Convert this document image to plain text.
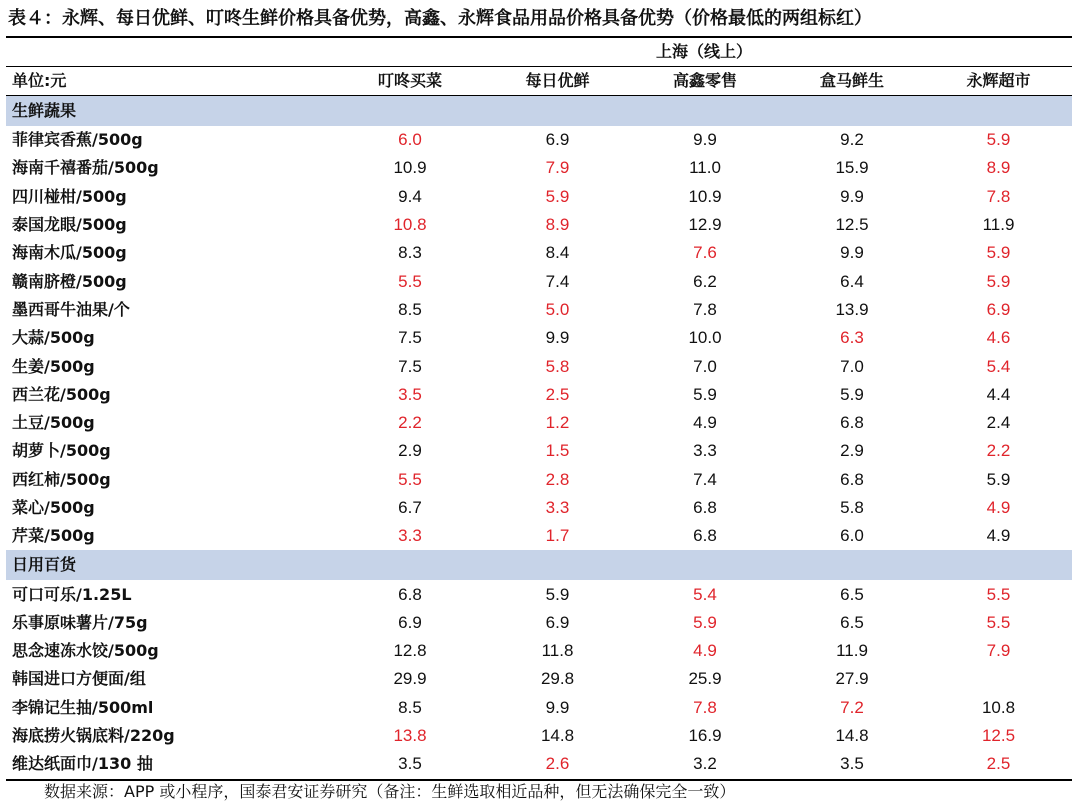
表４：永辉、每日优鲜、叮咚生鲜价格具备优势，高鑫、永辉食品用品价格具备优势（价格最低的两组标红）
	上海（线上）				
单位:元	叮咚买菜	每日优鲜	高鑫零售	盒马鲜生	永辉超市
生鲜蔬果					
菲律宾香蕉/500g	6.0	6.9	9.9	9.2	5.9
海南千禧番茄/500g	10.9	7.9	11.0	15.9	8.9
四川椪柑/500g	9.4	5.9	10.9	9.9	7.8
泰国龙眼/500g	10.8	8.9	12.9	12.5	11.9
海南木瓜/500g	8.3	8.4	7.6	9.9	5.9
赣南脐橙/500g	5.5	7.4	6.2	6.4	5.9
墨西哥牛油果/个	8.5	5.0	7.8	13.9	6.9
大蒜/500g	7.5	9.9	10.0	6.3	4.6
生姜/500g	7.5	5.8	7.0	7.0	5.4
西兰花/500g	3.5	2.5	5.9	5.9	4.4
土豆/500g	2.2	1.2	4.9	6.8	2.4
胡萝卜/500g	2.9	1.5	3.3	2.9	2.2
西红柿/500g	5.5	2.8	7.4	6.8	5.9
菜心/500g	6.7	3.3	6.8	5.8	4.9
芹菜/500g	3.3	1.7	6.8	6.0	4.9
日用百货					
可口可乐/1.25L	6.8	5.9	5.4	6.5	5.5
乐事原味薯片/75g	6.9	6.9	5.9	6.5	5.5
思念速冻水饺/500g	12.8	11.8	4.9	11.9	7.9
韩国进口方便面/组	29.9	29.8	25.9	27.9	
李锦记生抽/500ml	8.5	9.9	7.8	7.2	10.8
海底捞火锅底料/220g	13.8	14.8	16.9	14.8	12.5
维达纸面巾/130 抽	3.5	2.6	3.2	3.5	2.5
数据来源：APP 或小程序，国泰君安证券研究（备注：生鲜选取相近品种，但无法确保完全一致）
